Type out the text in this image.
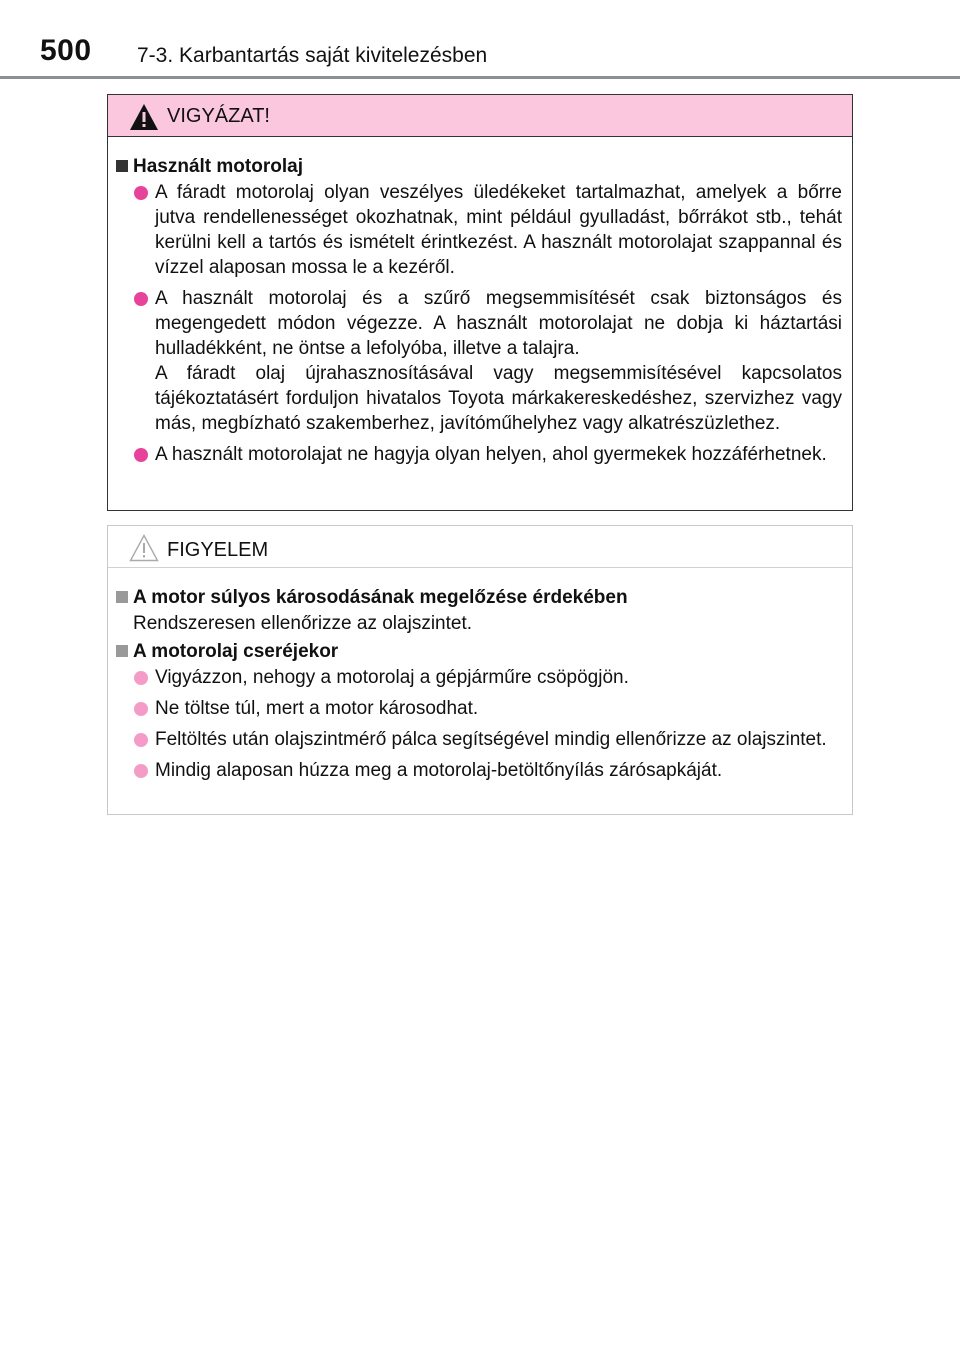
500 7-3. Karbantartás saját kivitelezésben
VIGYÁZAT!
Használt motorolaj
A fáradt motorolaj olyan veszélyes üledékeket tartalmazhat, amelyek a bőrre jutva rendellenességet okozhatnak, mint például gyulladást, bőrrákot stb., tehát kerülni kell a tartós és ismételt érintkezést. A használt motorolajat szappannal és vízzel alaposan mossa le a kezéről.
A használt motorolaj és a szűrő megsemmisítését csak biztonságos és megengedett módon végezze. A használt motorolajat ne dobja ki háztartási hulladékként, ne öntse a lefolyóba, illetve a talajra.
A fáradt olaj újrahasznosításával vagy megsemmisítésével kapcsolatos tájékoztatásért forduljon hivatalos Toyota márkakereskedéshez, szervizhez vagy más, megbízható szakemberhez, javítóműhelyhez vagy alkatrészüzlethez.
A használt motorolajat ne hagyja olyan helyen, ahol gyermekek hozzáférhetnek.
FIGYELEM
A motor súlyos károsodásának megelőzése érdekében
Rendszeresen ellenőrizze az olajszintet.
A motorolaj cseréjekor
Vigyázzon, nehogy a motorolaj a gépjárműre csöpögjön.
Ne töltse túl, mert a motor károsodhat.
Feltöltés után olajszintmérő pálca segítségével mindig ellenőrizze az olajszintet.
Mindig alaposan húzza meg a motorolaj-betöltőnyílás zárósapkáját.
